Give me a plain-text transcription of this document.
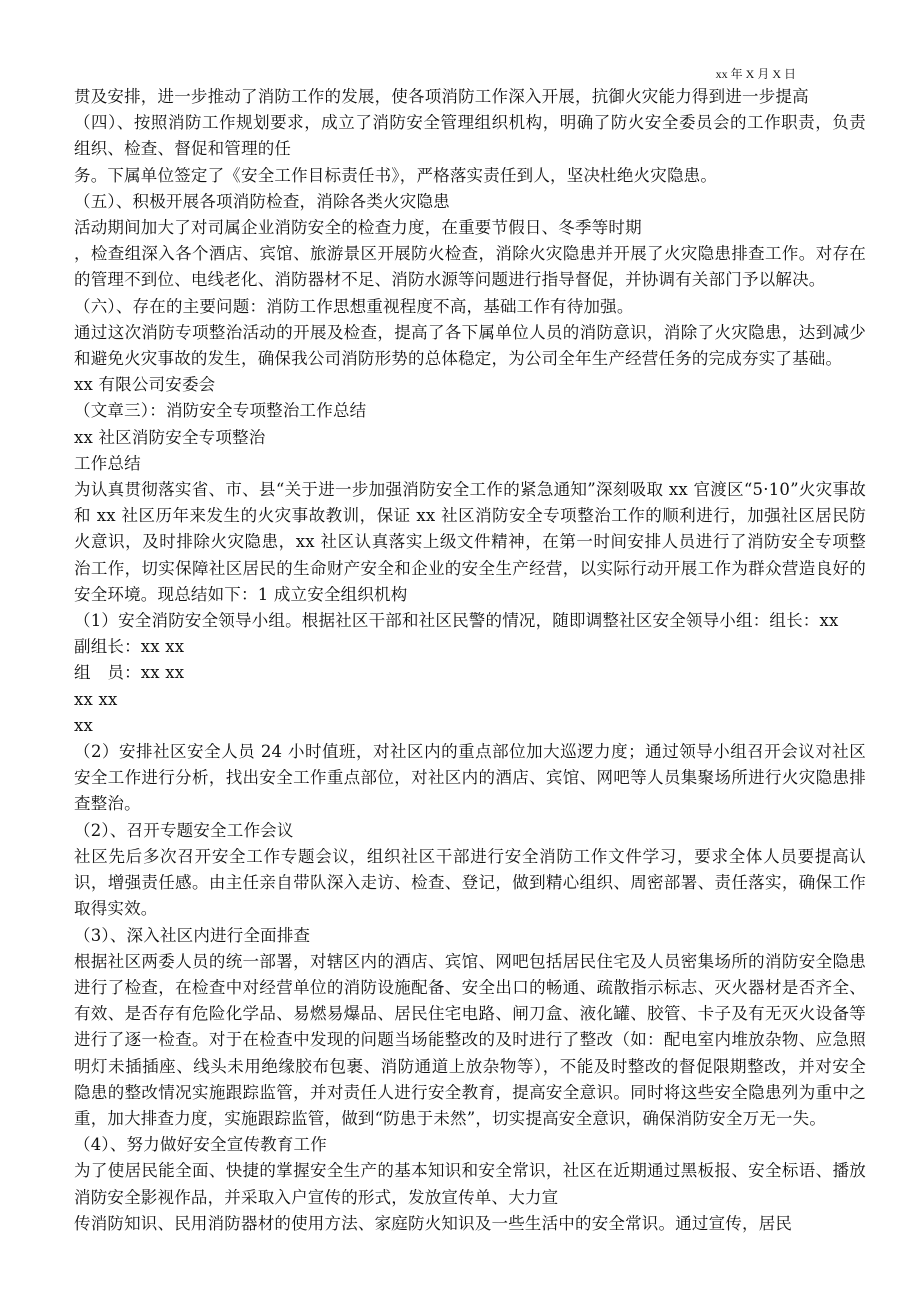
xx 年 X 月 X 日

贯及安排，进一步推动了消防工作的发展，使各项消防工作深入开展，抗御火灾能力得到进一步提高

（四）、按照消防工作规划要求，成立了消防安全管理组织机构，明确了防火安全委员会的工作职责，负责组织、检查、督促和管理的任

务。下属单位签定了《安全工作目标责任书》，严格落实责任到人，坚决杜绝火灾隐患。

（五）、积极开展各项消防检查，消除各类火灾隐患

活动期间加大了对司属企业消防安全的检查力度，在重要节假日、冬季等时期

，检查组深入各个酒店、宾馆、旅游景区开展防火检查，消除火灾隐患并开展了火灾隐患排查工作。对存在的管理不到位、电线老化、消防器材不足、消防水源等问题进行指导督促，并协调有关部门予以解决。

（六）、存在的主要问题：消防工作思想重视程度不高，基础工作有待加强。

通过这次消防专项整治活动的开展及检查，提高了各下属单位人员的消防意识，消除了火灾隐患，达到减少和避免火灾事故的发生，确保我公司消防形势的总体稳定，为公司全年生产经营任务的完成夯实了基础。

xx 有限公司安委会

（文章三）：消防安全专项整治工作总结

xx 社区消防安全专项整治

工作总结

为认真贯彻落实省、市、县“关于进一步加强消防安全工作的紧急通知”深刻吸取 xx 官渡区“5·10”火灾事故和 xx 社区历年来发生的火灾事故教训，保证 xx 社区消防安全专项整治工作的顺利进行，加强社区居民防火意识，及时排除火灾隐患，xx 社区认真落实上级文件精神，在第一时间安排人员进行了消防安全专项整治工作，切实保障社区居民的生命财产安全和企业的安全生产经营，以实际行动开展工作为群众营造良好的安全环境。现总结如下：1 成立安全组织机构

（1）安全消防安全领导小组。根据社区干部和社区民警的情况，随即调整社区安全领导小组：组长：xx

副组长：xx xx

组　员：xx xx

xx xx

xx

（2）安排社区安全人员 24 小时值班，对社区内的重点部位加大巡逻力度；通过领导小组召开会议对社区安全工作进行分析，找出安全工作重点部位，对社区内的酒店、宾馆、网吧等人员集聚场所进行火灾隐患排查整治。

（2）、召开专题安全工作会议

社区先后多次召开安全工作专题会议，组织社区干部进行安全消防工作文件学习，要求全体人员要提高认识，增强责任感。由主任亲自带队深入走访、检查、登记，做到精心组织、周密部署、责任落实，确保工作取得实效。

（3）、深入社区内进行全面排查

根据社区两委人员的统一部署，对辖区内的酒店、宾馆、网吧包括居民住宅及人员密集场所的消防安全隐患进行了检查，在检查中对经营单位的消防设施配备、安全出口的畅通、疏散指示标志、灭火器材是否齐全、有效、是否存有危险化学品、易燃易爆品、居民住宅电路、闸刀盒、液化罐、胶管、卡子及有无灭火设备等进行了逐一检查。对于在检查中发现的问题当场能整改的及时进行了整改（如：配电室内堆放杂物、应急照明灯未插插座、线头未用绝缘胶布包裹、消防通道上放杂物等），不能及时整改的督促限期整改，并对安全隐患的整改情况实施跟踪监管，并对责任人进行安全教育，提高安全意识。同时将这些安全隐患列为重中之重，加大排查力度，实施跟踪监管，做到“防患于未然”，切实提高安全意识，确保消防安全万无一失。

（4）、努力做好安全宣传教育工作

为了使居民能全面、快捷的掌握安全生产的基本知识和安全常识，社区在近期通过黑板报、安全标语、播放消防安全影视作品，并采取入户宣传的形式，发放宣传单、大力宣

传消防知识、民用消防器材的使用方法、家庭防火知识及一些生活中的安全常识。通过宣传，居民
